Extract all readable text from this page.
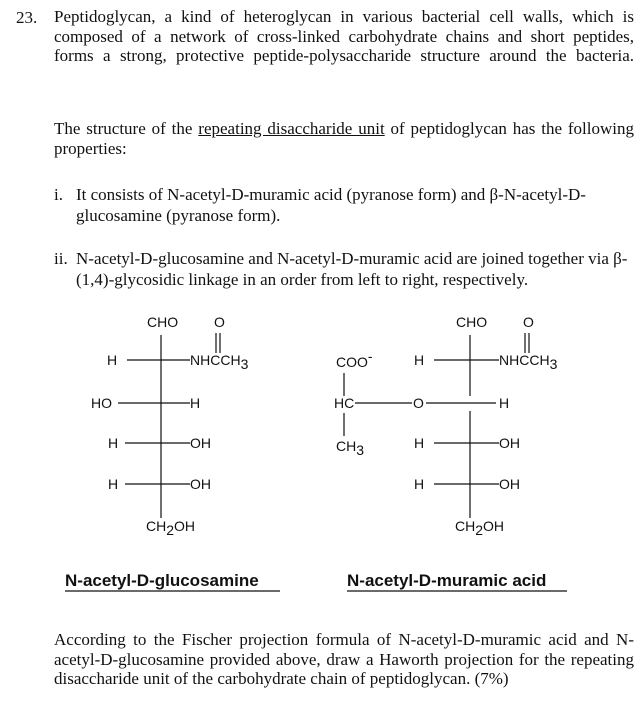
23. Peptidoglycan, a kind of heteroglycan in various bacterial cell walls, which is composed of a network of cross-linked carbohydrate chains and short peptides, forms a strong, protective peptide-polysaccharide structure around the bacteria.
The structure of the repeating disaccharide unit of peptidoglycan has the following properties:
i. It consists of N-acetyl-D-muramic acid (pyranose form) and β-N-acetyl-D-glucosamine (pyranose form).
ii. N-acetyl-D-glucosamine and N-acetyl-D-muramic acid are joined together via β-(1,4)-glycosidic linkage in an order from left to right, respectively.
CHO	O
H	NHCCH3
HO	H
H	OH
H	OH
CH2OH
N-acetyl-D-glucosamine
COO-
HC	O
CH3
CHO	O
H	NHCCH3
H
H	OH
H	OH
CH2OH
N-acetyl-D-muramic acid
According to the Fischer projection formula of N-acetyl-D-muramic acid and N-acetyl-D-glucosamine provided above, draw a Haworth projection for the repeating disaccharide unit of the carbohydrate chain of peptidoglycan. (7%)
